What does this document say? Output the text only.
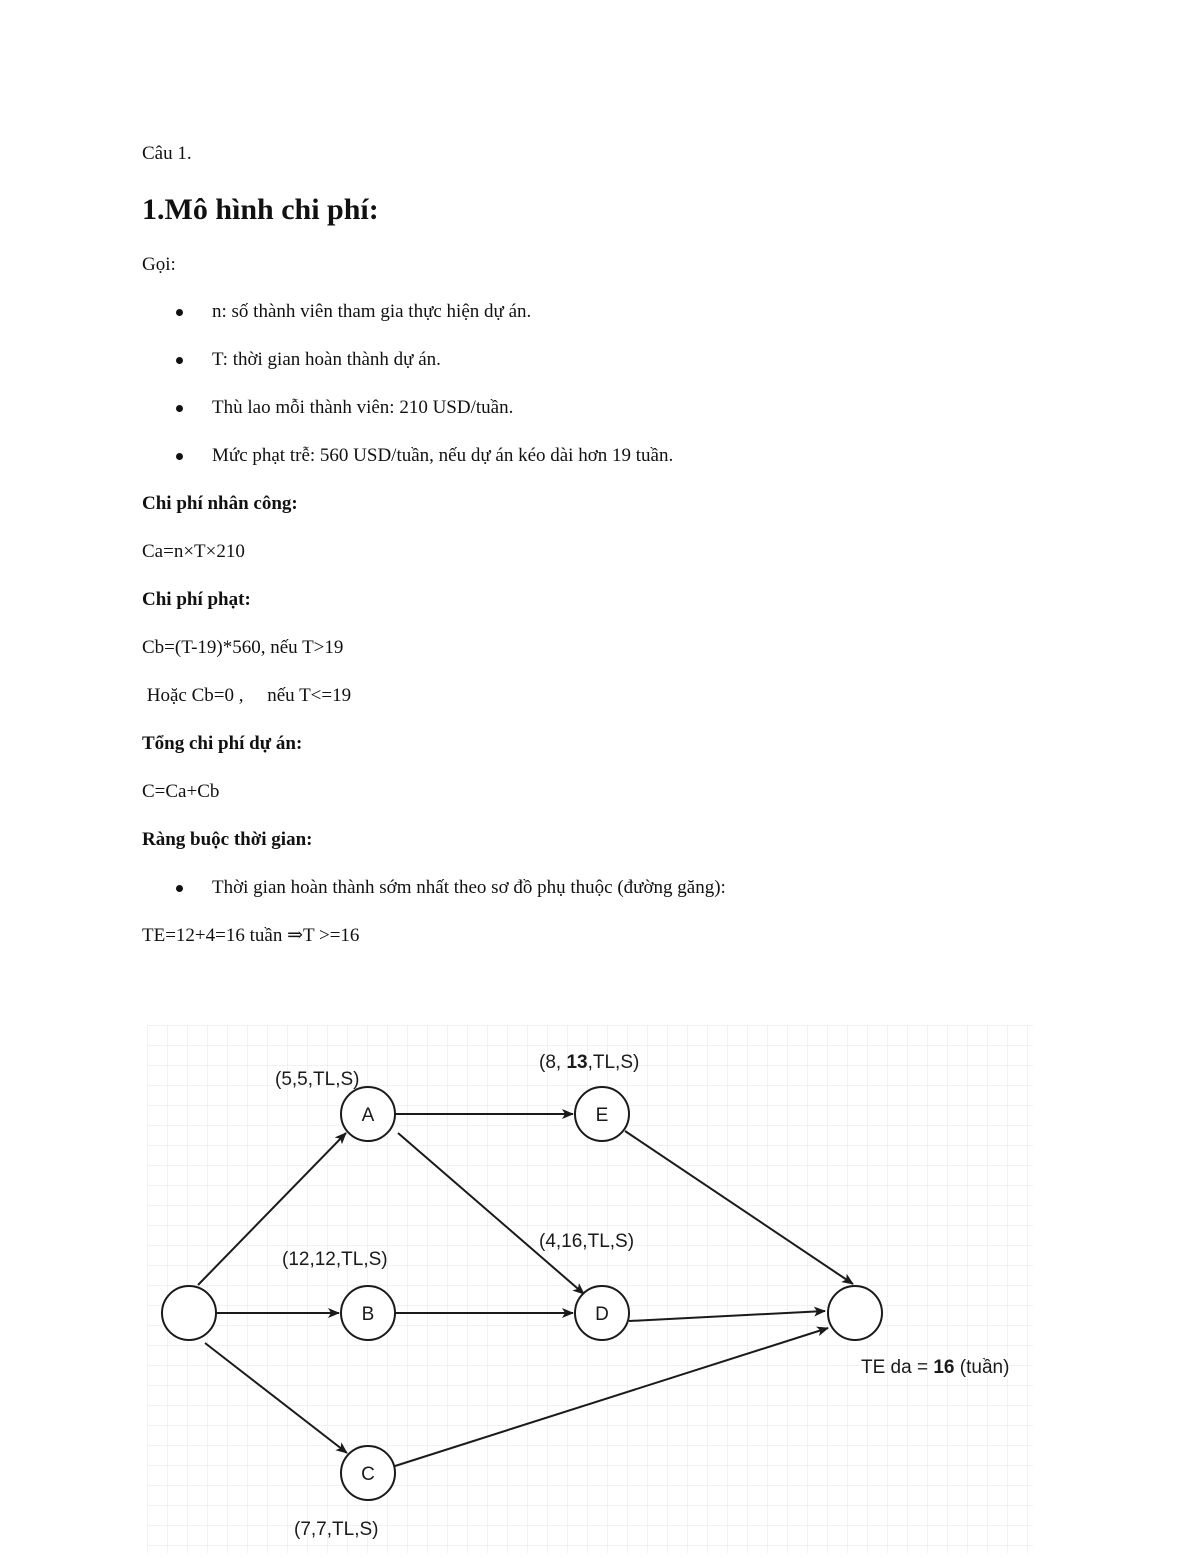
Câu 1.
1.Mô hình chi phí:
Gọi:
n: số thành viên tham gia thực hiện dự án.
T: thời gian hoàn thành dự án.
Thù lao mỗi thành viên: 210 USD/tuần.
Mức phạt trễ: 560 USD/tuần, nếu dự án kéo dài hơn 19 tuần.
Chi phí nhân công:
Ca=n×T×210
Chi phí phạt:
Cb=(T-19)*560, nếu T>19
Hoặc Cb=0 ,     nếu T<=19
Tổng chi phí dự án:
C=Ca+Cb
Ràng buộc thời gian:
Thời gian hoàn thành sớm nhất theo sơ đồ phụ thuộc (đường găng):
TE=12+4=16 tuần ⇒T >=16
A
B
C
D
E
(5,5,TL,S)
(12,12,TL,S)
(7,7,TL,S)
(4,16,TL,S)
(8, 13,TL,S)
TE da = 16 (tuần)
